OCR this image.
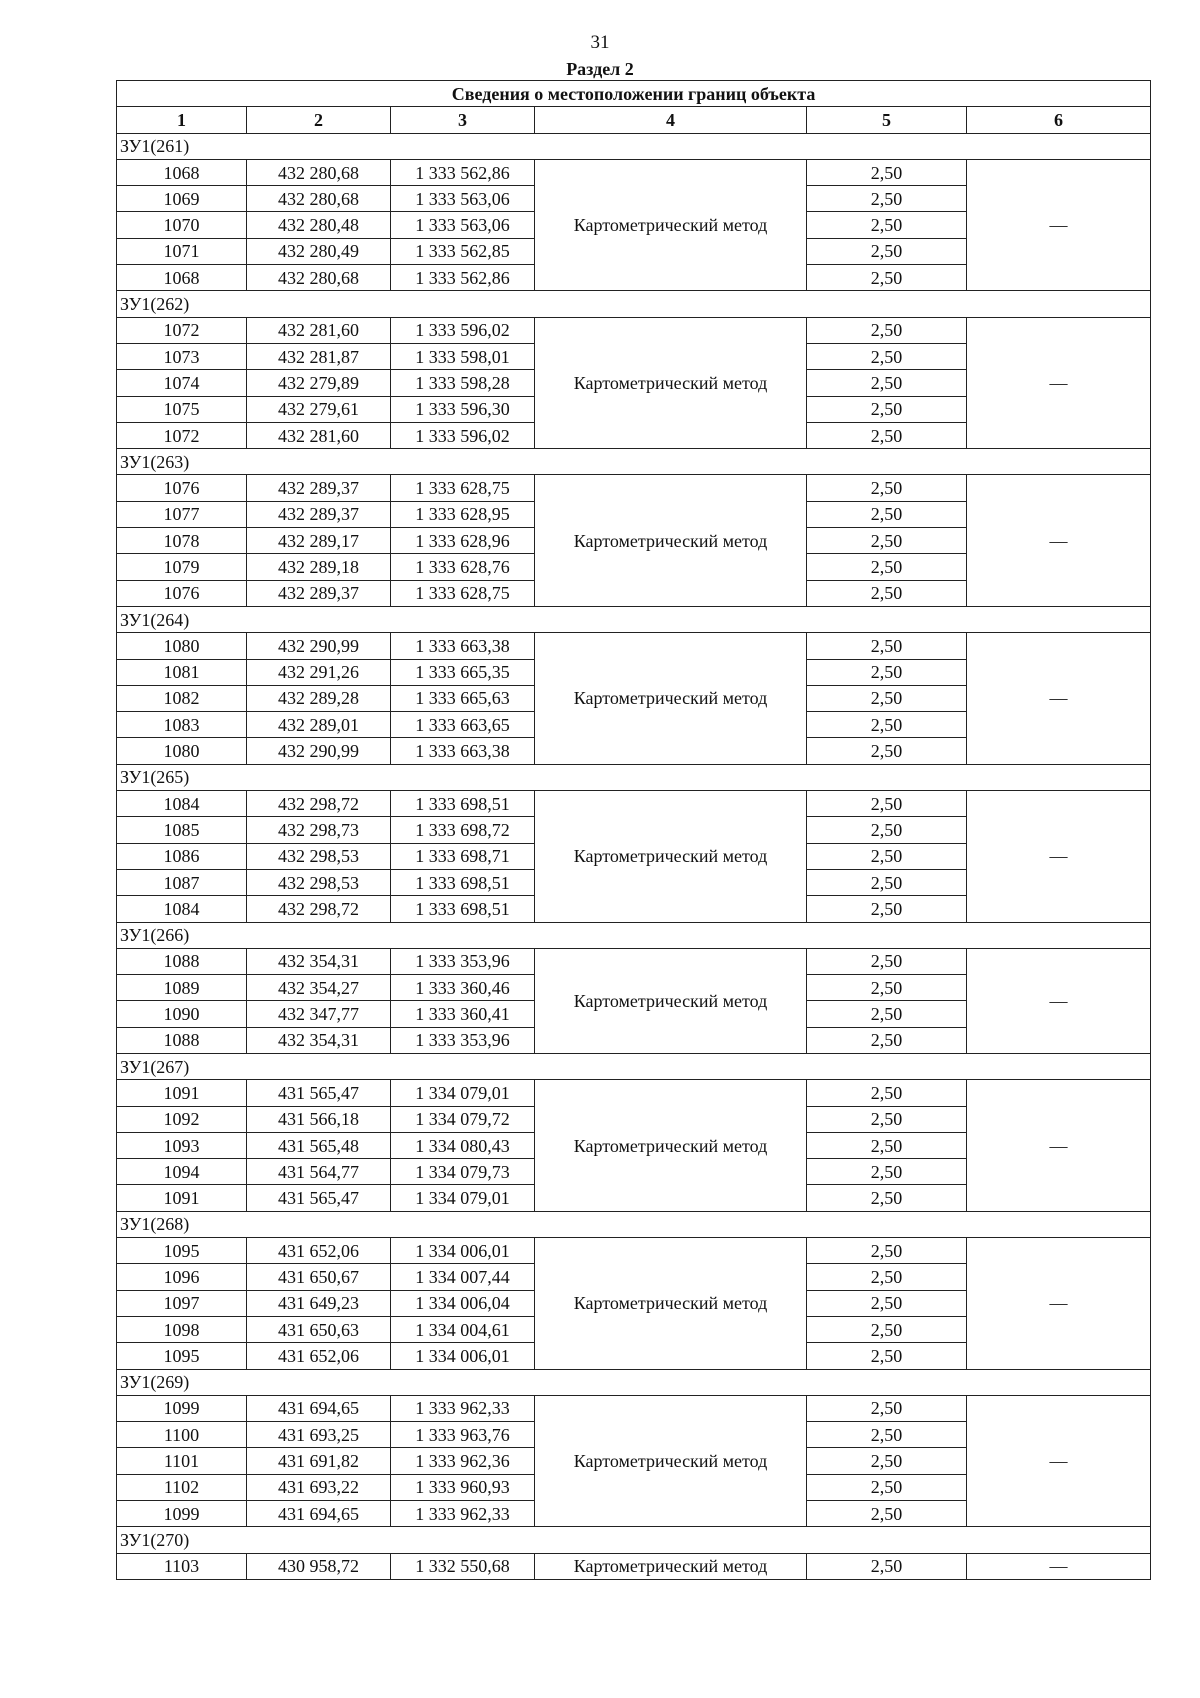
31
Раздел 2
Сведения о местоположении границ объекта					
1	2	3	4	5	6
ЗУ1(261)					
1068	432 280,68	1 333 562,86	Картометрический метод	2,50	—
1069	432 280,68	1 333 563,06		2,50	
1070	432 280,48	1 333 563,06		2,50	
1071	432 280,49	1 333 562,85		2,50	
1068	432 280,68	1 333 562,86		2,50	
ЗУ1(262)					
1072	432 281,60	1 333 596,02	Картометрический метод	2,50	—
1073	432 281,87	1 333 598,01		2,50	
1074	432 279,89	1 333 598,28		2,50	
1075	432 279,61	1 333 596,30		2,50	
1072	432 281,60	1 333 596,02		2,50	
ЗУ1(263)					
1076	432 289,37	1 333 628,75	Картометрический метод	2,50	—
1077	432 289,37	1 333 628,95		2,50	
1078	432 289,17	1 333 628,96		2,50	
1079	432 289,18	1 333 628,76		2,50	
1076	432 289,37	1 333 628,75		2,50	
ЗУ1(264)					
1080	432 290,99	1 333 663,38	Картометрический метод	2,50	—
1081	432 291,26	1 333 665,35		2,50	
1082	432 289,28	1 333 665,63		2,50	
1083	432 289,01	1 333 663,65		2,50	
1080	432 290,99	1 333 663,38		2,50	
ЗУ1(265)					
1084	432 298,72	1 333 698,51	Картометрический метод	2,50	—
1085	432 298,73	1 333 698,72		2,50	
1086	432 298,53	1 333 698,71		2,50	
1087	432 298,53	1 333 698,51		2,50	
1084	432 298,72	1 333 698,51		2,50	
ЗУ1(266)					
1088	432 354,31	1 333 353,96	Картометрический метод	2,50	—
1089	432 354,27	1 333 360,46		2,50	
1090	432 347,77	1 333 360,41		2,50	
1088	432 354,31	1 333 353,96		2,50	
ЗУ1(267)					
1091	431 565,47	1 334 079,01	Картометрический метод	2,50	—
1092	431 566,18	1 334 079,72		2,50	
1093	431 565,48	1 334 080,43		2,50	
1094	431 564,77	1 334 079,73		2,50	
1091	431 565,47	1 334 079,01		2,50	
ЗУ1(268)					
1095	431 652,06	1 334 006,01	Картометрический метод	2,50	—
1096	431 650,67	1 334 007,44		2,50	
1097	431 649,23	1 334 006,04		2,50	
1098	431 650,63	1 334 004,61		2,50	
1095	431 652,06	1 334 006,01		2,50	
ЗУ1(269)					
1099	431 694,65	1 333 962,33	Картометрический метод	2,50	—
1100	431 693,25	1 333 963,76		2,50	
1101	431 691,82	1 333 962,36		2,50	
1102	431 693,22	1 333 960,93		2,50	
1099	431 694,65	1 333 962,33		2,50	
ЗУ1(270)					
1103	430 958,72	1 332 550,68	Картометрический метод	2,50	—
